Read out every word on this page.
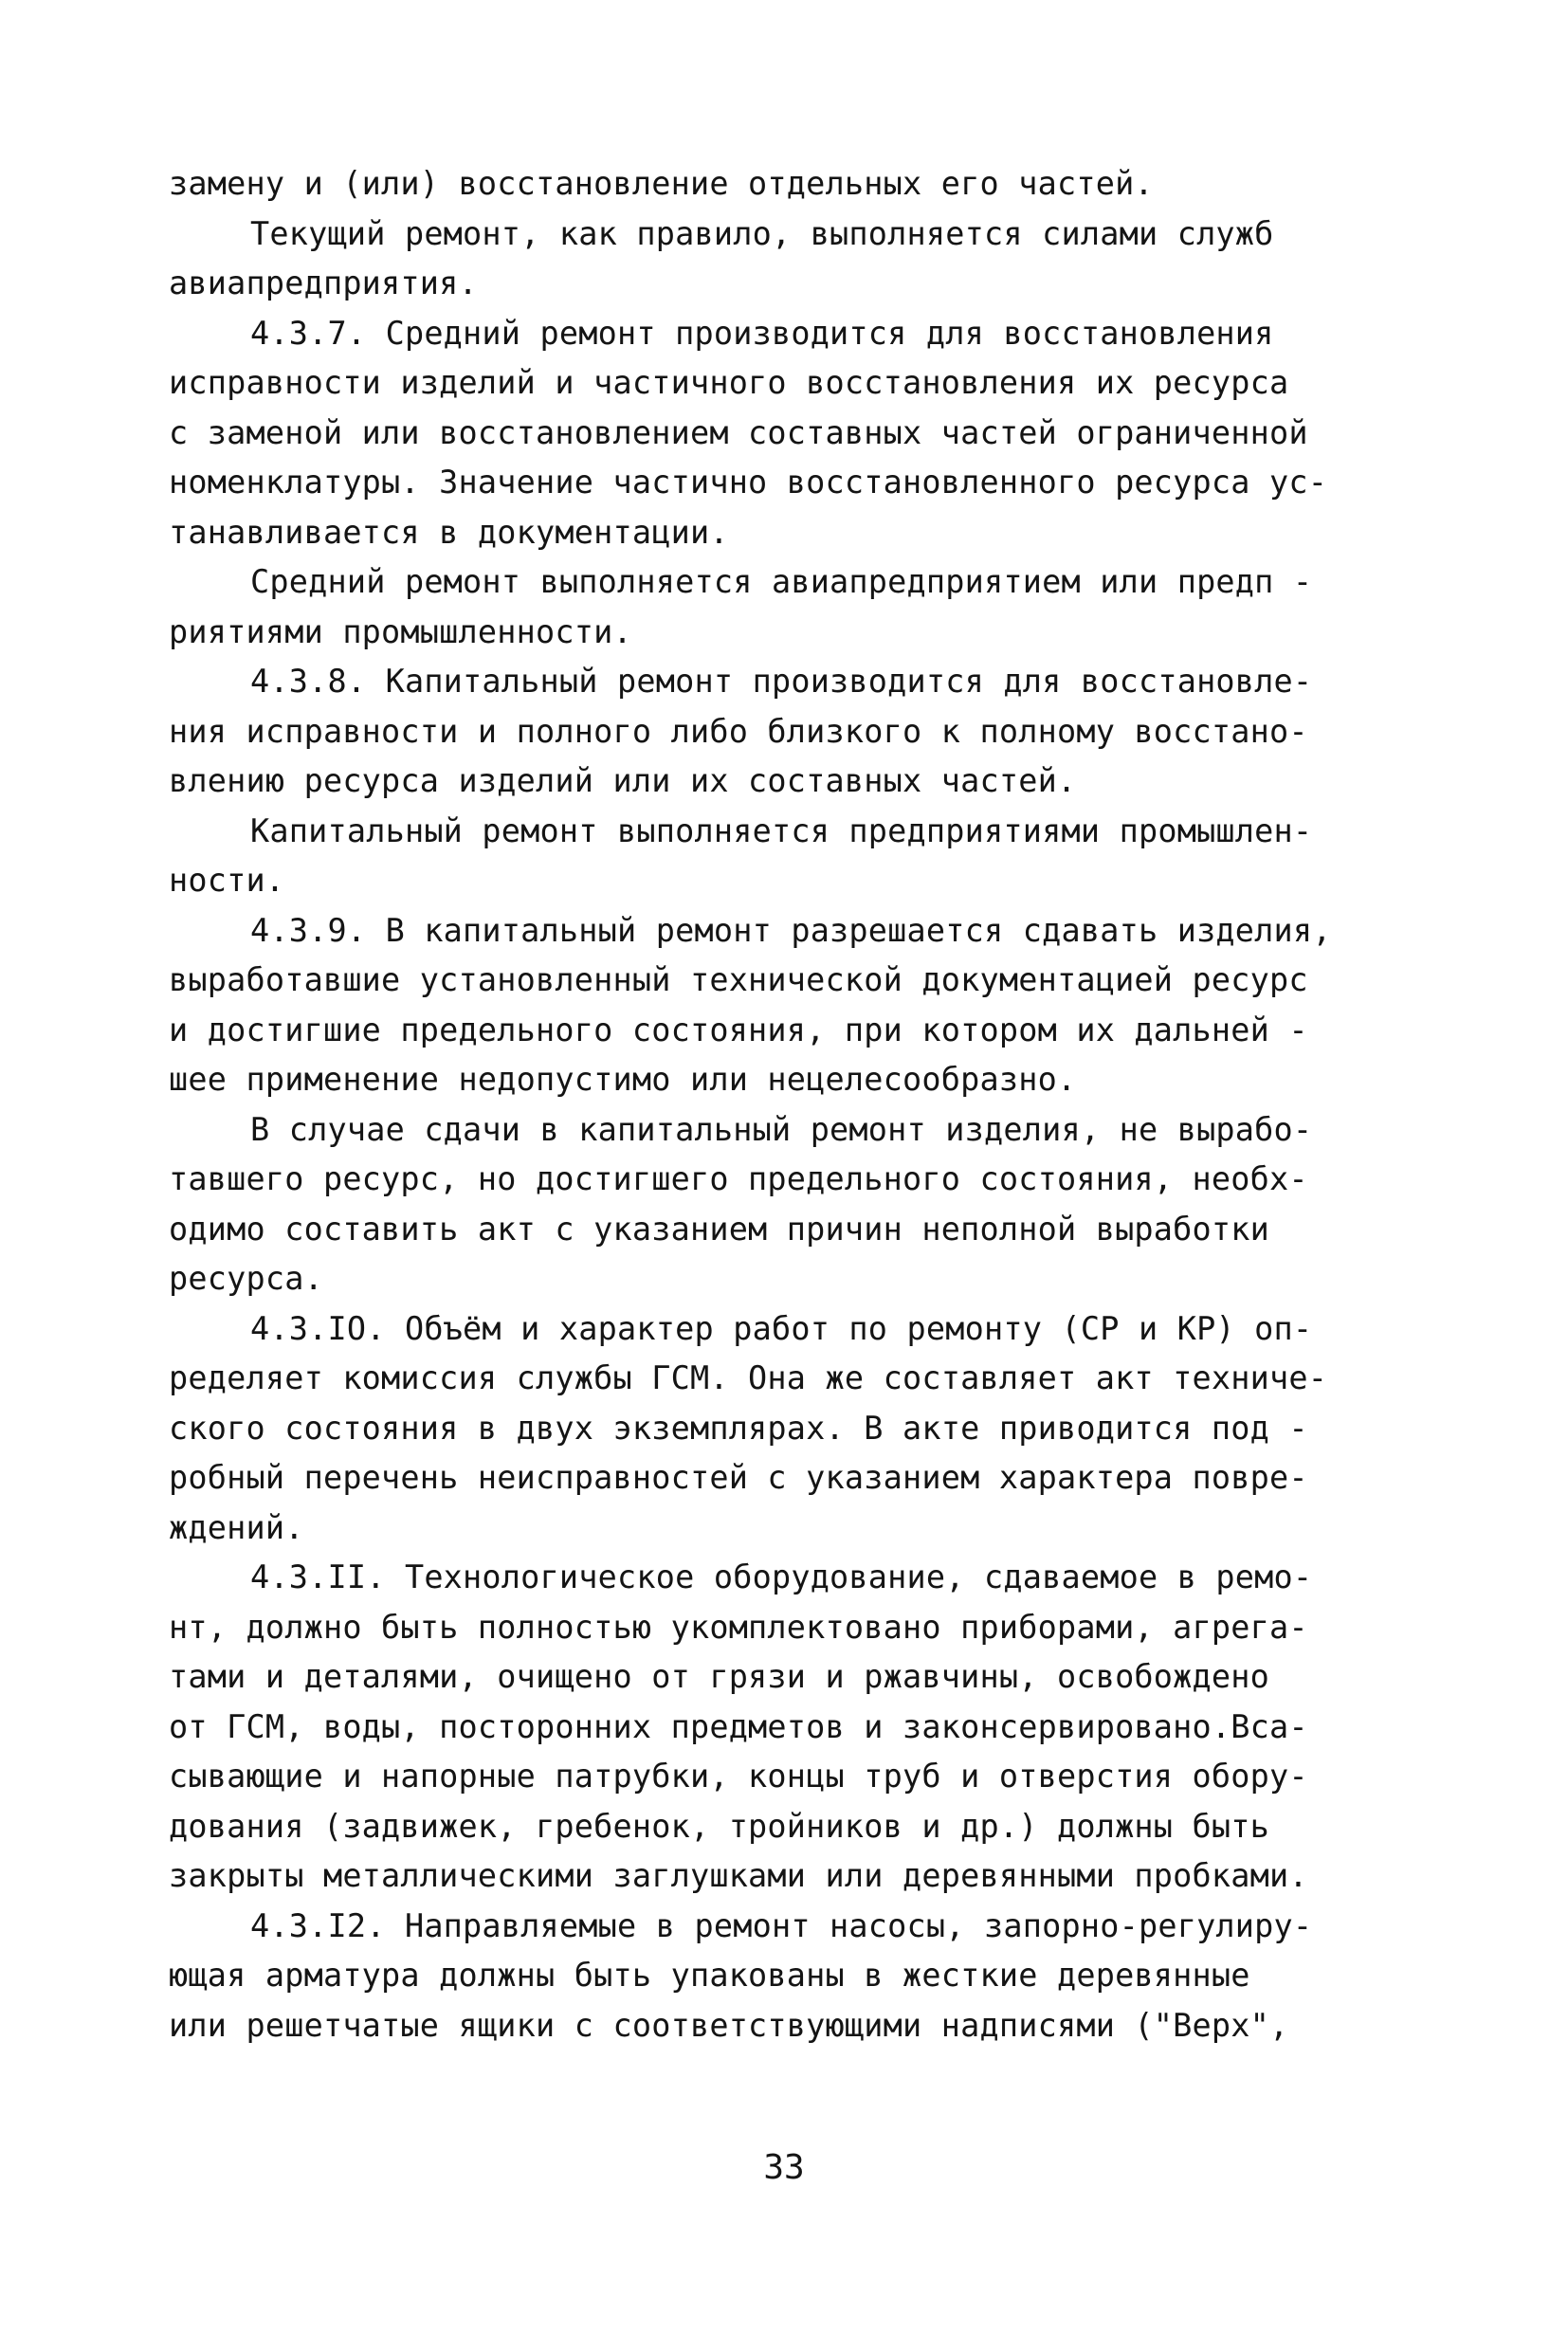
замену и (или) восстановление отдельных его частей.
Текущий ремонт, как правило, выполняется силами служб
авиапредприятия.
4.3.7. Средний ремонт производится для восстановления
исправности изделий и частичного восстановления их ресурса
с заменой или восстановлением составных частей ограниченной
номенклатуры. Значение частично восстановленного ресурса ус-
танавливается в документации.
Средний ремонт выполняется авиапредприятием или предп -
риятиями промышленности.
4.3.8. Капитальный ремонт производится для восстановле-
ния исправности и полного либо близкого к полному восстано-
влению ресурса изделий или их составных частей.
Капитальный ремонт выполняется предприятиями промышлен-
ности.
4.3.9. В капитальный ремонт разрешается сдавать изделия,
выработавшие установленный технической документацией ресурс
и достигшие предельного состояния, при котором их дальней -
шее применение недопустимо или нецелесообразно.
В случае сдачи в капитальный ремонт изделия, не вырабо-
тавшего ресурс, но достигшего предельного состояния, необх-
одимо составить акт с указанием причин неполной выработки
ресурса.
4.3.IO. Объём и характер работ по ремонту (СР и КР) оп-
ределяет комиссия службы ГСМ. Она же составляет акт техниче-
ского состояния в двух экземплярах. В акте приводится под -
робный перечень неисправностей с указанием характера повре-
ждений.
4.3.II. Технологическое оборудование, сдаваемое в ремо-
нт, должно быть полностью укомплектовано приборами, агрега-
тами и деталями, очищено от грязи и ржавчины, освобождено
от ГСМ, воды, посторонних предметов и законсервировано.Вса-
сывающие и напорные патрубки, концы труб и отверстия обору-
дования (задвижек, гребенок, тройников и др.) должны быть
закрыты металлическими заглушками или деревянными пробками.
4.3.I2. Направляемые в ремонт насосы, запорно-регулиру-
ющая арматура должны быть упакованы в жесткие деревянные
или решетчатые ящики с соответствующими надписями ("Верх",
33
